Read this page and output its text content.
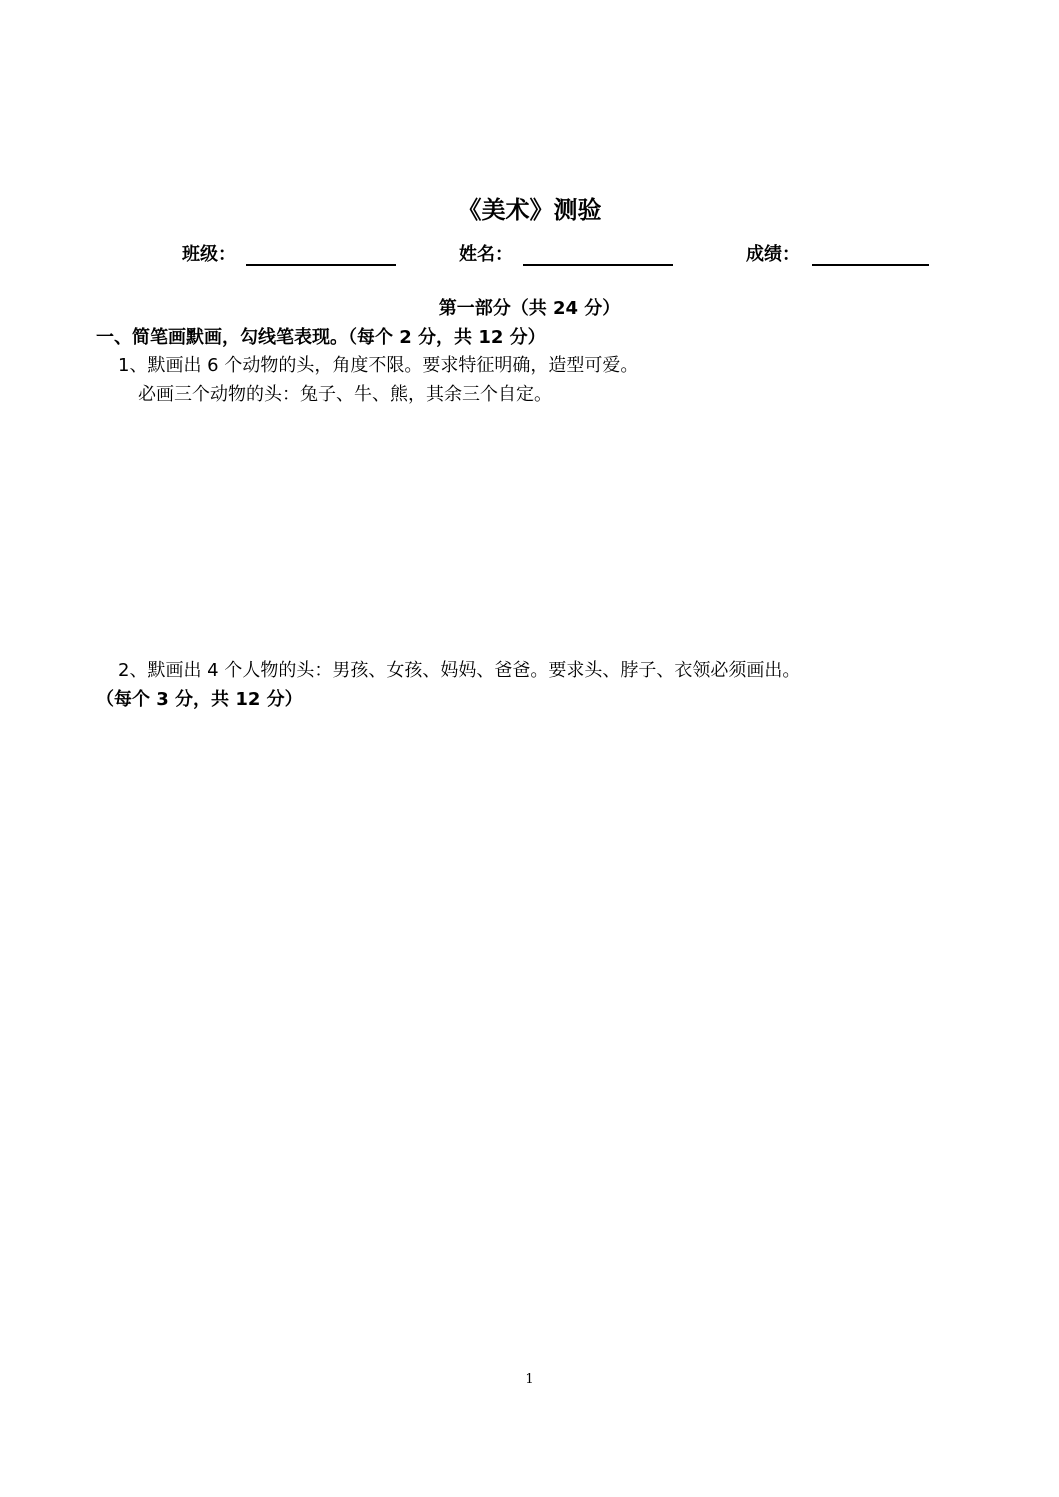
《美术》测验
班级：	姓名：	成绩：
第一部分（共 24 分）
一、简笔画默画，勾线笔表现。（每个 2 分，共 12 分）
1、默画出 6 个动物的头，角度不限。要求特征明确，造型可爱。
必画三个动物的头：兔子、牛、熊，其余三个自定。
2、默画出 4 个人物的头：男孩、女孩、妈妈、爸爸。要求头、脖子、衣领必须画出。
（每个 3 分，共 12 分）
1
